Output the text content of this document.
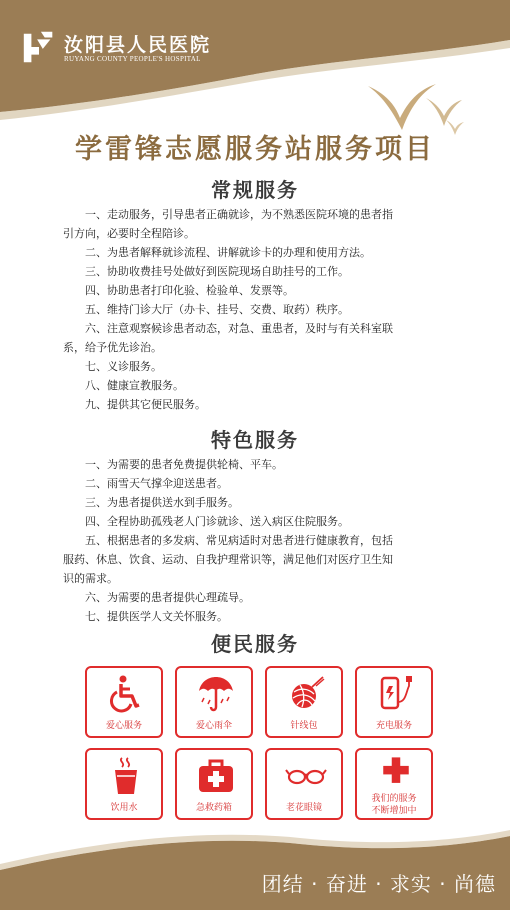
汝阳县人民医院
RUYANG COUNTY PEOPLE'S HOSPITAL
学雷锋志愿服务站服务项目
常规服务

一、走动服务，引导患者正确就诊，为不熟悉医院环境的患者指

引方向，必要时全程陪诊。

二、为患者解释就诊流程、讲解就诊卡的办理和使用方法。

三、协助收费挂号处做好到医院现场自助挂号的工作。

四、协助患者打印化验、检验单、发票等。

五、维持门诊大厅（办卡、挂号、交费、取药）秩序。

六、注意观察候诊患者动态，对急、重患者，及时与有关科室联

系，给予优先诊治。

七、义诊服务。

八、健康宣教服务。

九、提供其它便民服务。

特色服务

一、为需要的患者免费提供轮椅、平车。

二、雨雪天气撑伞迎送患者。

三、为患者提供送水到手服务。

四、全程协助孤残老人门诊就诊、送入病区住院服务。

五、根据患者的多发病、常见病适时对患者进行健康教育，包括

服药、休息、饮食、运动、自我护理常识等，满足他们对医疗卫生知

识的需求。

六、为需要的患者提供心理疏导。

七、提供医学人文关怀服务。

便民服务
爱心服务	爱心雨伞	针线包	充电服务
饮用水	急救药箱	老花眼镜
我们的服务
不断增加中
团结 · 奋进 · 求实 · 尚德
